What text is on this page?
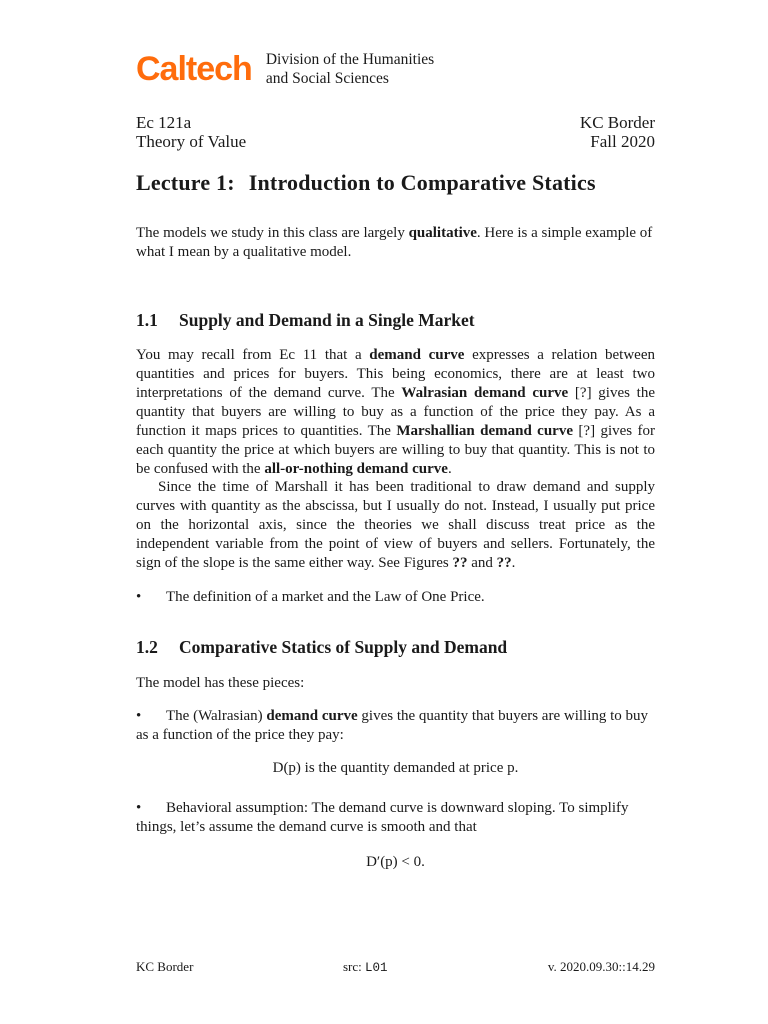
Caltech Division of the Humanities
and Social Sciences
Ec 121a
Theory of Value
KC Border
Fall 2020
Lecture 1: Introduction to Comparative Statics

The models we study in this class are largely qualitative. Here is a simple example of what I mean by a qualitative model.

1.1 Supply and Demand in a Single Market

You may recall from Ec 11 that a demand curve expresses a relation between quantities and prices for buyers. This being economics, there are at least two interpretations of the demand curve. The Walrasian demand curve [?] gives the quantity that buyers are willing to buy as a function of the price they pay. As a function it maps prices to quantities. The Marshallian demand curve [?] gives for each quantity the price at which buyers are willing to buy that quantity. This is not to be confused with the all-or-nothing demand curve.

Since the time of Marshall it has been traditional to draw demand and supply curves with quantity as the abscissa, but I usually do not. Instead, I usually put price on the horizontal axis, since the theories we shall discuss treat price as the independent variable from the point of view of buyers and sellers. Fortunately, the sign of the slope is the same either way. See Figures ?? and ??.

• The definition of a market and the Law of One Price.
1.2 Comparative Statics of Supply and Demand

The model has these pieces:

• The (Walrasian) demand curve gives the quantity that buyers are willing to buy as a function of the price they pay:

D(p) is the quantity demanded at price p.

• Behavioral assumption: The demand curve is downward sloping. To simplify things, let’s assume the demand curve is smooth and that

D′(p) < 0.
KC Border	src: L01	v. 2020.09.30::14.29
